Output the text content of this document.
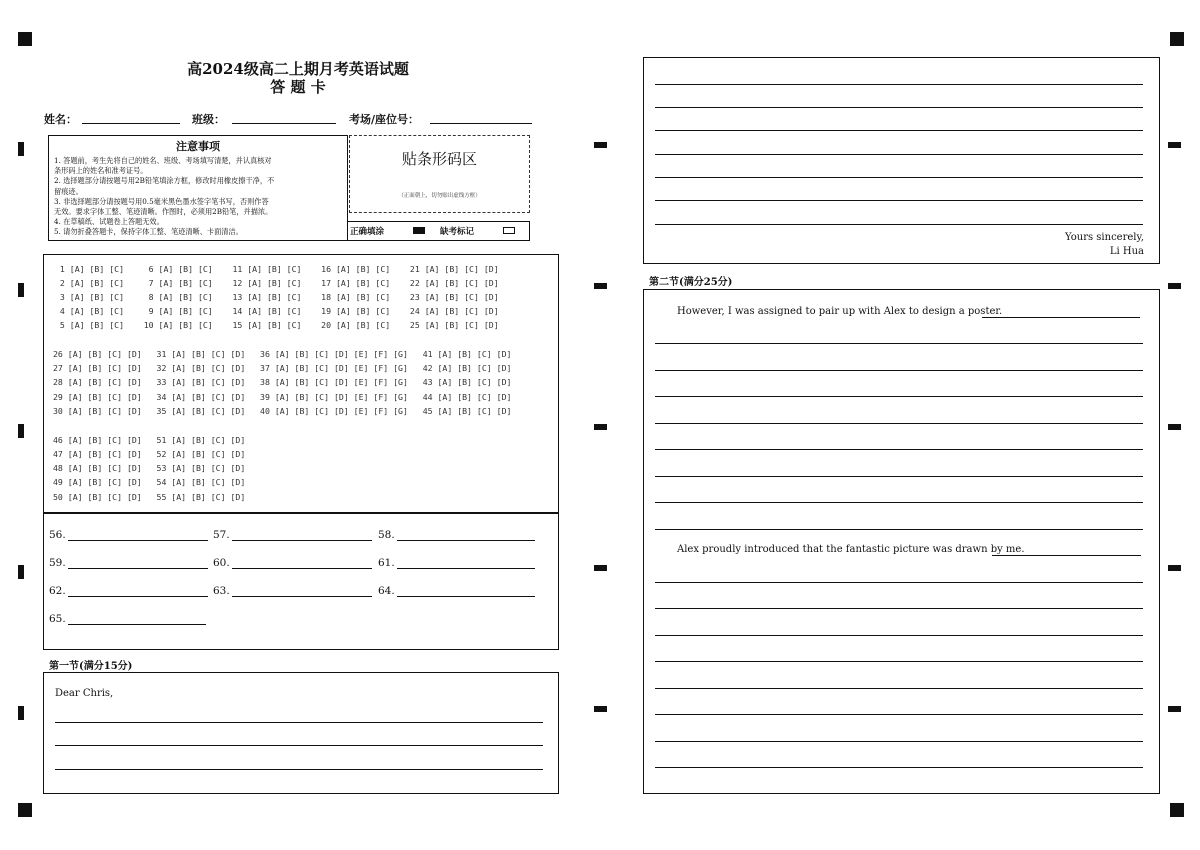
高2024级高二上期月考英语试题
答 题 卡
姓名：	班级：	考场/座位号：
注意事项
1. 答题前，考生先将自己的姓名、班级、考场填写清楚，并认真核对
条形码上的姓名和准考证号。
2. 选择题部分请按题号用2B铅笔填涂方框，修改时用橡皮擦干净，不
留痕迹。
3. 非选择题部分请按题号用0.5毫米黑色墨水签字笔书写，否则作答
无效。要求字体工整、笔迹清晰。作图时，必须用2B铅笔，并描浓。
4. 在草稿纸、试题卷上答题无效。
5. 请勿折叠答题卡，保持字体工整、笔迹清晰、卡面清洁。
贴条形码区
（正面朝上，切勿贴出虚线方框）
正确填涂	缺考标记
1 [A] [B] [C]     6 [A] [B] [C]    11 [A] [B] [C]    16 [A] [B] [C]    21 [A] [B] [C] [D]
2 [A] [B] [C]     7 [A] [B] [C]    12 [A] [B] [C]    17 [A] [B] [C]    22 [A] [B] [C] [D]
3 [A] [B] [C]     8 [A] [B] [C]    13 [A] [B] [C]    18 [A] [B] [C]    23 [A] [B] [C] [D]
4 [A] [B] [C]     9 [A] [B] [C]    14 [A] [B] [C]    19 [A] [B] [C]    24 [A] [B] [C] [D]
5 [A] [B] [C]    10 [A] [B] [C]    15 [A] [B] [C]    20 [A] [B] [C]    25 [A] [B] [C] [D]
26 [A] [B] [C] [D]   31 [A] [B] [C] [D]   36 [A] [B] [C] [D] [E] [F] [G]   41 [A] [B] [C] [D]
27 [A] [B] [C] [D]   32 [A] [B] [C] [D]   37 [A] [B] [C] [D] [E] [F] [G]   42 [A] [B] [C] [D]
28 [A] [B] [C] [D]   33 [A] [B] [C] [D]   38 [A] [B] [C] [D] [E] [F] [G]   43 [A] [B] [C] [D]
29 [A] [B] [C] [D]   34 [A] [B] [C] [D]   39 [A] [B] [C] [D] [E] [F] [G]   44 [A] [B] [C] [D]
30 [A] [B] [C] [D]   35 [A] [B] [C] [D]   40 [A] [B] [C] [D] [E] [F] [G]   45 [A] [B] [C] [D]
46 [A] [B] [C] [D]   51 [A] [B] [C] [D]
47 [A] [B] [C] [D]   52 [A] [B] [C] [D]
48 [A] [B] [C] [D]   53 [A] [B] [C] [D]
49 [A] [B] [C] [D]   54 [A] [B] [C] [D]
50 [A] [B] [C] [D]   55 [A] [B] [C] [D]
56.	57.	58.
59.	60.	61.
62.	63.	64.
65.
第一节(满分15分)
Dear Chris,
Yours sincerely,
Li Hua
第二节(满分25分)
However, I was assigned to pair up with Alex to design a poster.
Alex proudly introduced that the fantastic picture was drawn by me.
